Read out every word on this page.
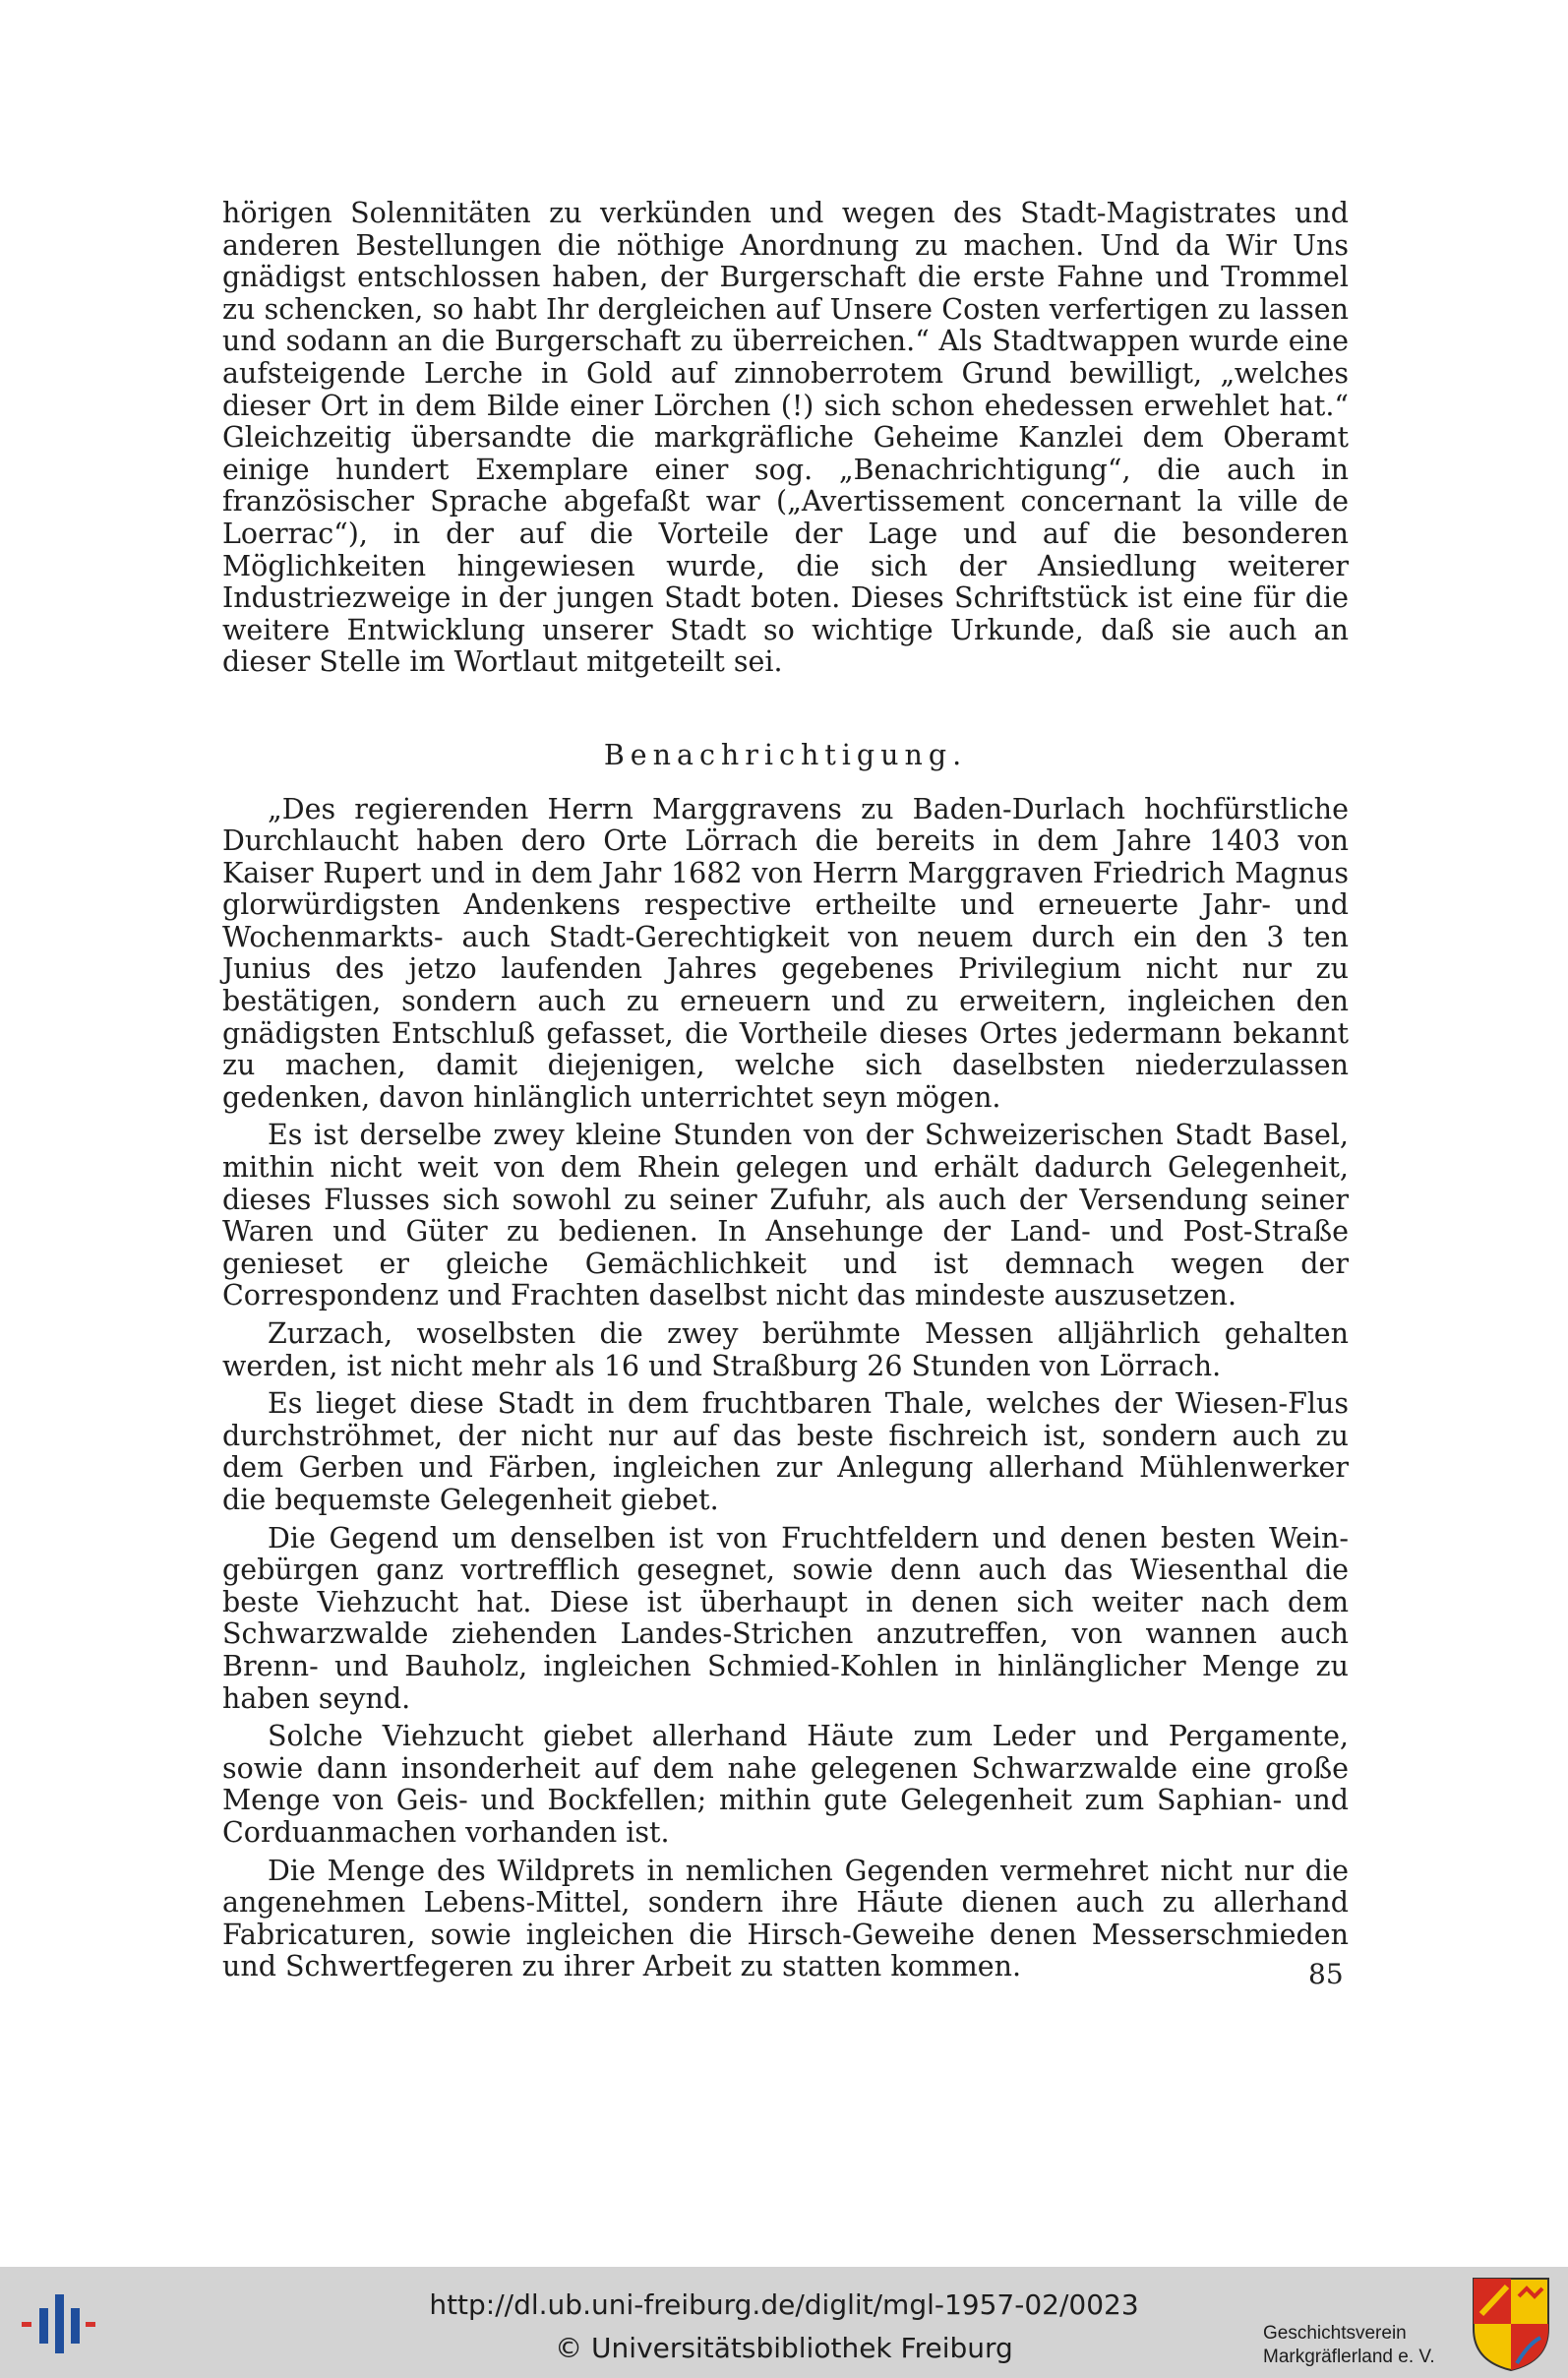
hörigen Solennitäten zu verkünden und wegen des Stadt-Magistrates und anderen Bestellungen die nöthige Anordnung zu machen. Und da Wir Uns gnädigst entschlossen haben, der Burgerschaft die erste Fahne und Trommel zu schencken, so habt Ihr dergleichen auf Unsere Costen verfertigen zu lassen und sodann an die Burgerschaft zu überreichen.“ Als Stadtwappen wurde eine aufsteigende Lerche in Gold auf zinnoberrotem Grund bewilligt, „welches dieser Ort in dem Bilde einer Lörchen (!) sich schon ehedessen erwehlet hat.“ Gleichzeitig übersandte die markgräfliche Geheime Kanzlei dem Oberamt einige hundert Exemplare einer sog. „Benachrichtigung“, die auch in französischer Sprache abgefaßt war („Avertissement concernant la ville de Loerrac“), in der auf die Vorteile der Lage und auf die besonderen Möglichkeiten hingewiesen wurde, die sich der Ansiedlung weiterer Industriezweige in der jungen Stadt boten. Dieses Schriftstück ist eine für die weitere Entwicklung unserer Stadt so wichtige Urkunde, daß sie auch an dieser Stelle im Wortlaut mitgeteilt sei.

Benachrichtigung.

„Des regierenden Herrn Marggravens zu Baden-Durlach hochfürstliche Durchlaucht haben dero Orte Lörrach die bereits in dem Jahre 1403 von Kaiser Rupert und in dem Jahr 1682 von Herrn Marggraven Friedrich Magnus glorwürdigsten Andenkens respective ertheilte und erneuerte Jahr- und Wochenmarkts- auch Stadt-Gerechtigkeit von neuem durch ein den 3 ten Junius des jetzo laufenden Jahres gegebenes Privilegium nicht nur zu bestätigen, sondern auch zu erneuern und zu erweitern, ingleichen den gnädigsten Entschluß gefasset, die Vortheile dieses Ortes jedermann bekannt zu machen, damit diejenigen, welche sich daselbsten niederzulassen gedenken, davon hinlänglich unterrichtet seyn mögen.

Es ist derselbe zwey kleine Stunden von der Schweizerischen Stadt Basel, mithin nicht weit von dem Rhein gelegen und erhält dadurch Gelegenheit, dieses Flusses sich sowohl zu seiner Zufuhr, als auch der Versendung seiner Waren und Güter zu bedienen. In Ansehunge der Land- und Post-Straße genieset er gleiche Gemächlichkeit und ist demnach wegen der Correspondenz und Frachten daselbst nicht das mindeste auszusetzen.

Zurzach, woselbsten die zwey berühmte Messen alljährlich gehalten werden, ist nicht mehr als 16 und Straßburg 26 Stunden von Lörrach.

Es lieget diese Stadt in dem fruchtbaren Thale, welches der Wiesen-Flus durchströhmet, der nicht nur auf das beste fischreich ist, sondern auch zu dem Gerben und Färben, ingleichen zur Anlegung allerhand Mühlenwerker die bequemste Gelegenheit giebet.

Die Gegend um denselben ist von Fruchtfeldern und denen besten Weingebürgen ganz vortrefflich gesegnet, sowie denn auch das Wiesenthal die beste Viehzucht hat. Diese ist überhaupt in denen sich weiter nach dem Schwarzwalde ziehenden Landes-Strichen anzutreffen, von wannen auch Brenn- und Bauholz, ingleichen Schmied-Kohlen in hinlänglicher Menge zu haben seynd.

Solche Viehzucht giebet allerhand Häute zum Leder und Pergamente, sowie dann insonderheit auf dem nahe gelegenen Schwarzwalde eine große Menge von Geis- und Bockfellen; mithin gute Gelegenheit zum Saphian- und Corduanmachen vorhanden ist.

Die Menge des Wildprets in nemlichen Gegenden vermehret nicht nur die angenehmen Lebens-Mittel, sondern ihre Häute dienen auch zu allerhand Fabricaturen, sowie ingleichen die Hirsch-Geweihe denen Messerschmieden und Schwertfegeren zu ihrer Arbeit zu statten kommen.	85
http://dl.ub.uni-freiburg.de/diglit/mgl-1957-02/0023
© Universitätsbibliothek Freiburg	Geschichtsverein
Markgräflerland e. V.
